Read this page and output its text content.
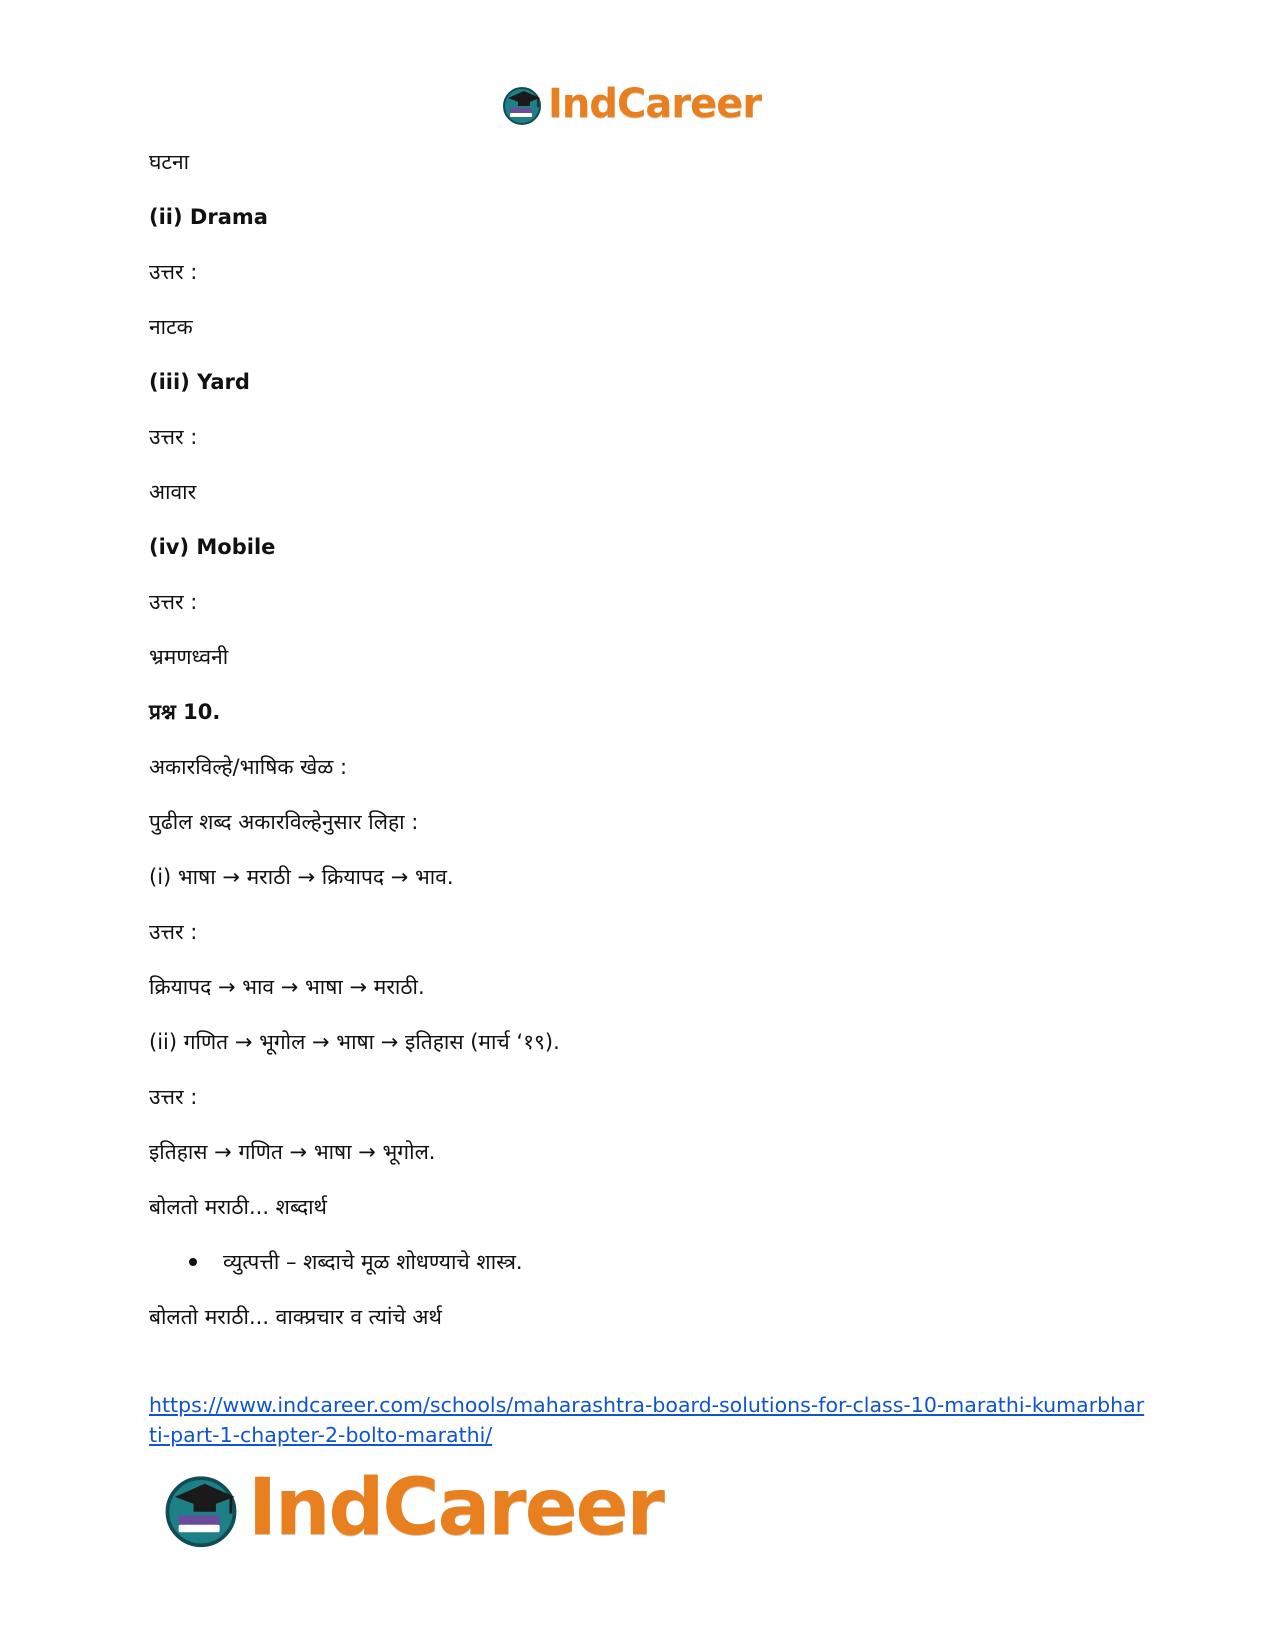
IndCareer
घटना
(ii) Drama
उत्तर :
नाटक
(iii) Yard
उत्तर :
आवार
(iv) Mobile
उत्तर :
भ्रमणध्वनी
प्रश्न 10.
अकारविल्हे/भाषिक खेळ :
पुढील शब्द अकारविल्हेनुसार लिहा :
(i) भाषा → मराठी → क्रियापद → भाव.
उत्तर :
क्रियापद → भाव → भाषा → मराठी.
(ii) गणित → भूगोल → भाषा → इतिहास (मार्च ‘१९).
उत्तर :
इतिहास → गणित → भाषा → भूगोल.
बोलतो मराठी... शब्दार्थ
व्युत्पत्ती – शब्दाचे मूळ शोधण्याचे शास्त्र.
बोलतो मराठी... वाक्प्रचार व त्यांचे अर्थ
https://www.indcareer.com/schools/maharashtra-board-solutions-for-class-10-marathi-kumarbharti-part-1-chapter-2-bolto-marathi/
IndCareer
